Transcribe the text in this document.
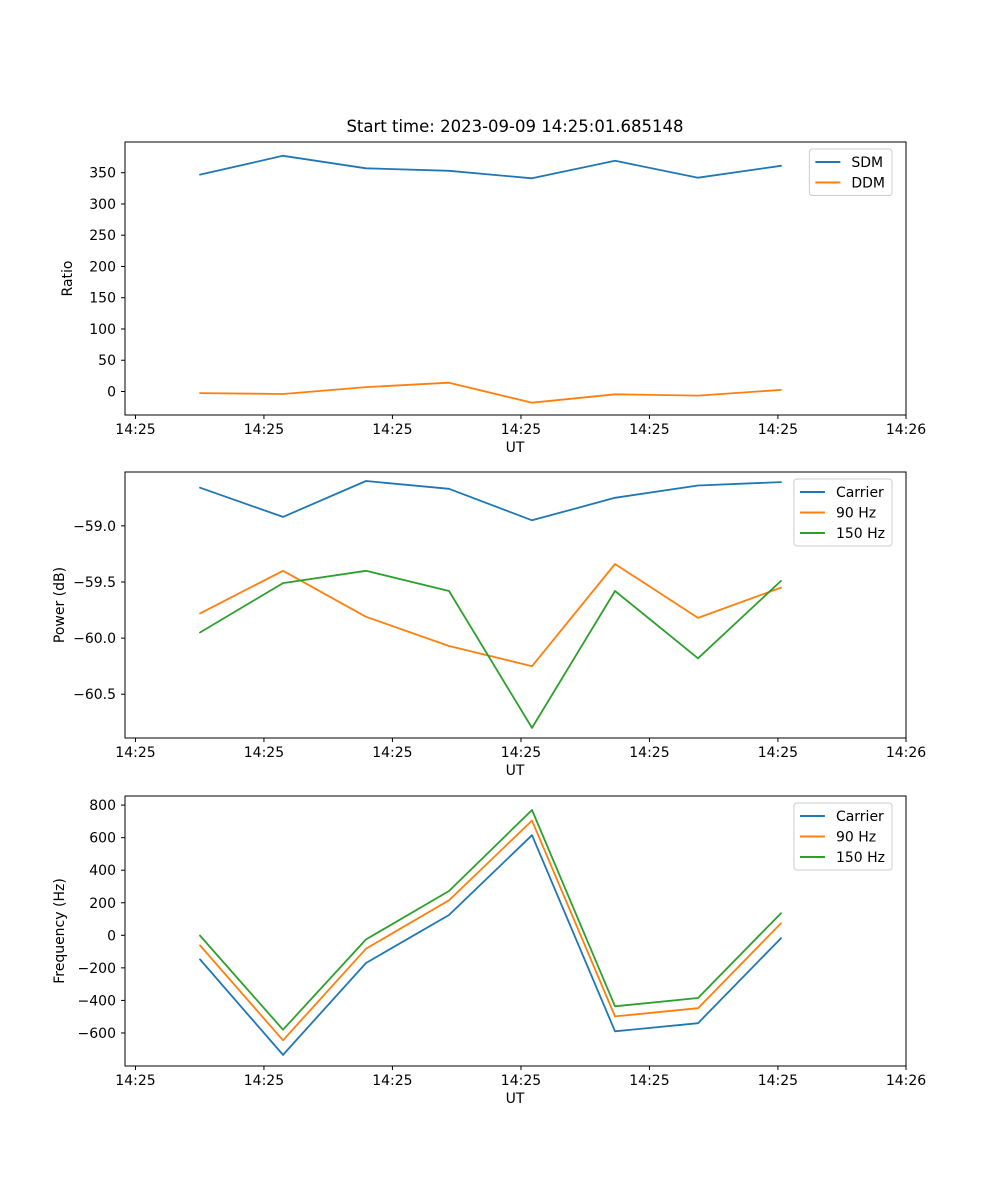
0
50
100
150
200
250
300
350
14:25	14:25	14:25	14:25	14:25	14:25	14:26
SDM
DDM
−59.0
−59.5
−60.0
−60.5
14:25	14:25	14:25	14:25	14:25	14:25	14:26
Carrier
90 Hz
150 Hz
800
600
400
200
0
−200
−400
−600
14:25	14:25	14:25	14:25	14:25	14:25	14:26
Carrier
90 Hz
150 Hz
Start time: 2023-09-09 14:25:01.685148
Ratio
UT
Power (dB)
UT
Frequency (Hz)
UT
